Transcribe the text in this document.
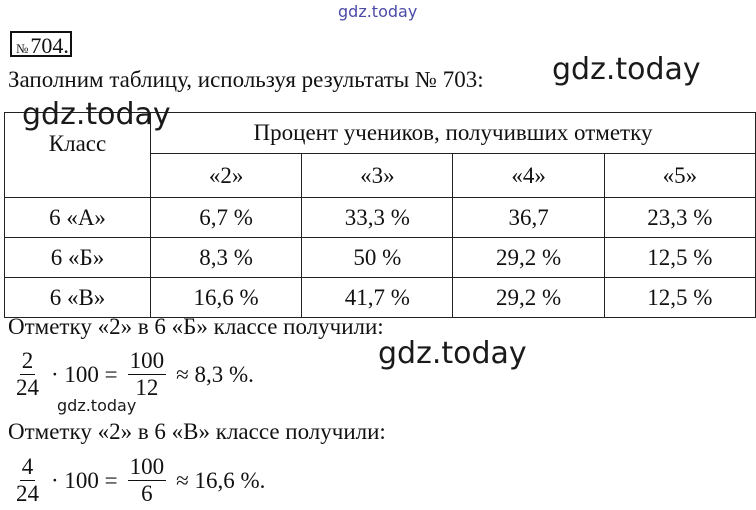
gdz.today
№704.
Заполним таблицу, используя результаты № 703:
Класс	Процент учеников, получивших отметку			
	«2»	«3»	«4»	«5»
6 «А»	6,7 %	33,3 %	36,7	23,3 %
6 «Б»	8,3 %	50 %	29,2 %	12,5 %
6 «В»	16,6 %	41,7 %	29,2 %	12,5 %
Отметку «2» в 6 «Б» классе получили:
$\frac{2}{24} \cdot 100 = \frac{100}{12} \approx 8,3$ %.
Отметку «2» в 6 «В» классе получили:
$\frac{4}{24} \cdot 100 = \frac{100}{6} \approx 16,6$ %.
gdz.today
gdz.today
gdz.today
gdz.today
